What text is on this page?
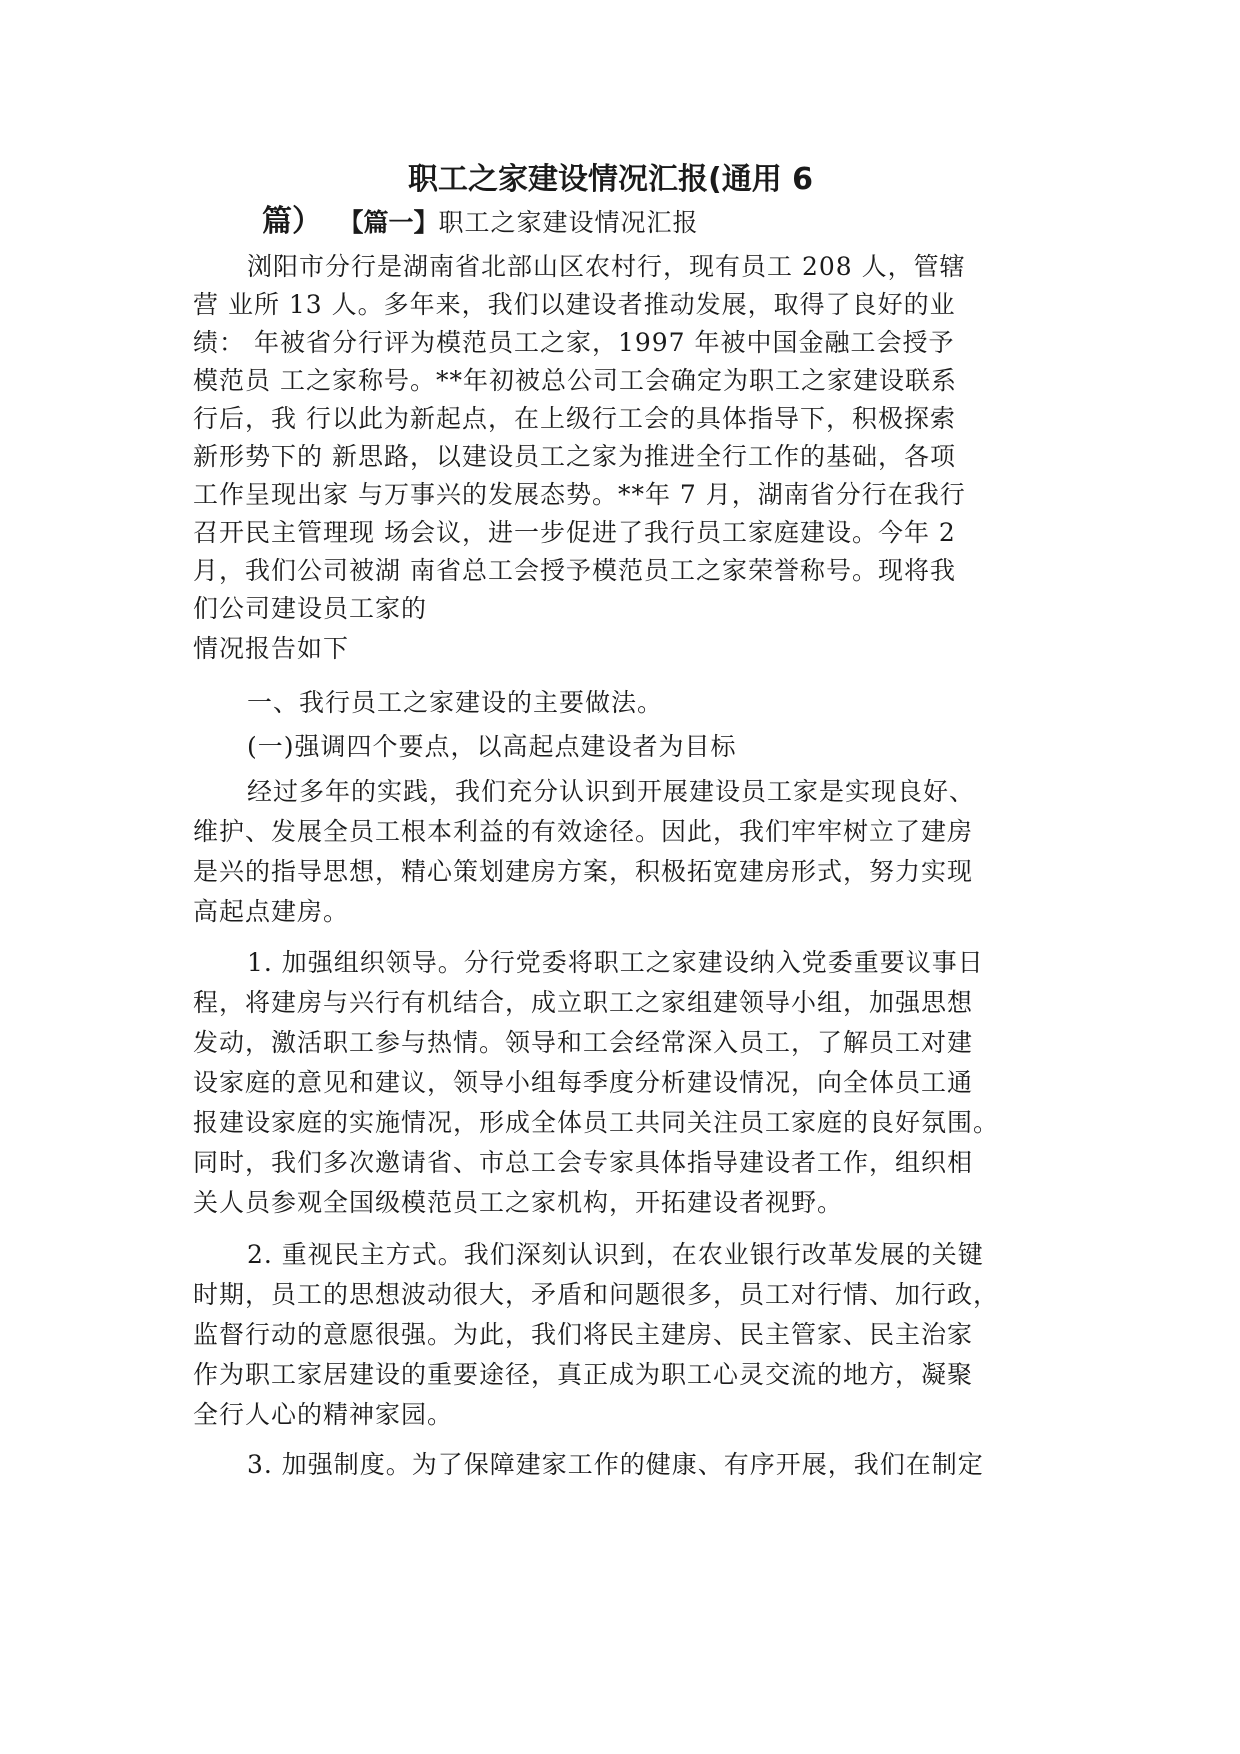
职工之家建设情况汇报(通用 6
篇） 【篇一】职工之家建设情况汇报
浏阳市分行是湖南省北部山区农村行，现有员工 208 人，管辖
营 业所 13 人。多年来，我们以建设者推动发展，取得了良好的业
绩： 年被省分行评为模范员工之家，1997 年被中国金融工会授予
模范员 工之家称号。**年初被总公司工会确定为职工之家建设联系
行后，我 行以此为新起点，在上级行工会的具体指导下，积极探索
新形势下的 新思路，以建设员工之家为推进全行工作的基础，各项
工作呈现出家 与万事兴的发展态势。**年 7 月，湖南省分行在我行
召开民主管理现 场会议，进一步促进了我行员工家庭建设。今年 2
月，我们公司被湖 南省总工会授予模范员工之家荣誉称号。现将我
们公司建设员工家的
情况报告如下
一、我行员工之家建设的主要做法。
(一)强调四个要点，以高起点建设者为目标
经过多年的实践，我们充分认识到开展建设员工家是实现良好、
维护、发展全员工根本利益的有效途径。因此，我们牢牢树立了建房
是兴的指导思想，精心策划建房方案，积极拓宽建房形式，努力实现
高起点建房。
1. 加强组织领导。分行党委将职工之家建设纳入党委重要议事日
程，将建房与兴行有机结合，成立职工之家组建领导小组，加强思想
发动，激活职工参与热情。领导和工会经常深入员工，了解员工对建
设家庭的意见和建议，领导小组每季度分析建设情况，向全体员工通
报建设家庭的实施情况，形成全体员工共同关注员工家庭的良好氛围。
同时，我们多次邀请省、市总工会专家具体指导建设者工作，组织相
关人员参观全国级模范员工之家机构，开拓建设者视野。
2. 重视民主方式。我们深刻认识到，在农业银行改革发展的关键
时期，员工的思想波动很大，矛盾和问题很多，员工对行情、加行政，
监督行动的意愿很强。为此，我们将民主建房、民主管家、民主治家
作为职工家居建设的重要途径，真正成为职工心灵交流的地方，凝聚
全行人心的精神家园。
3. 加强制度。为了保障建家工作的健康、有序开展，我们在制定
